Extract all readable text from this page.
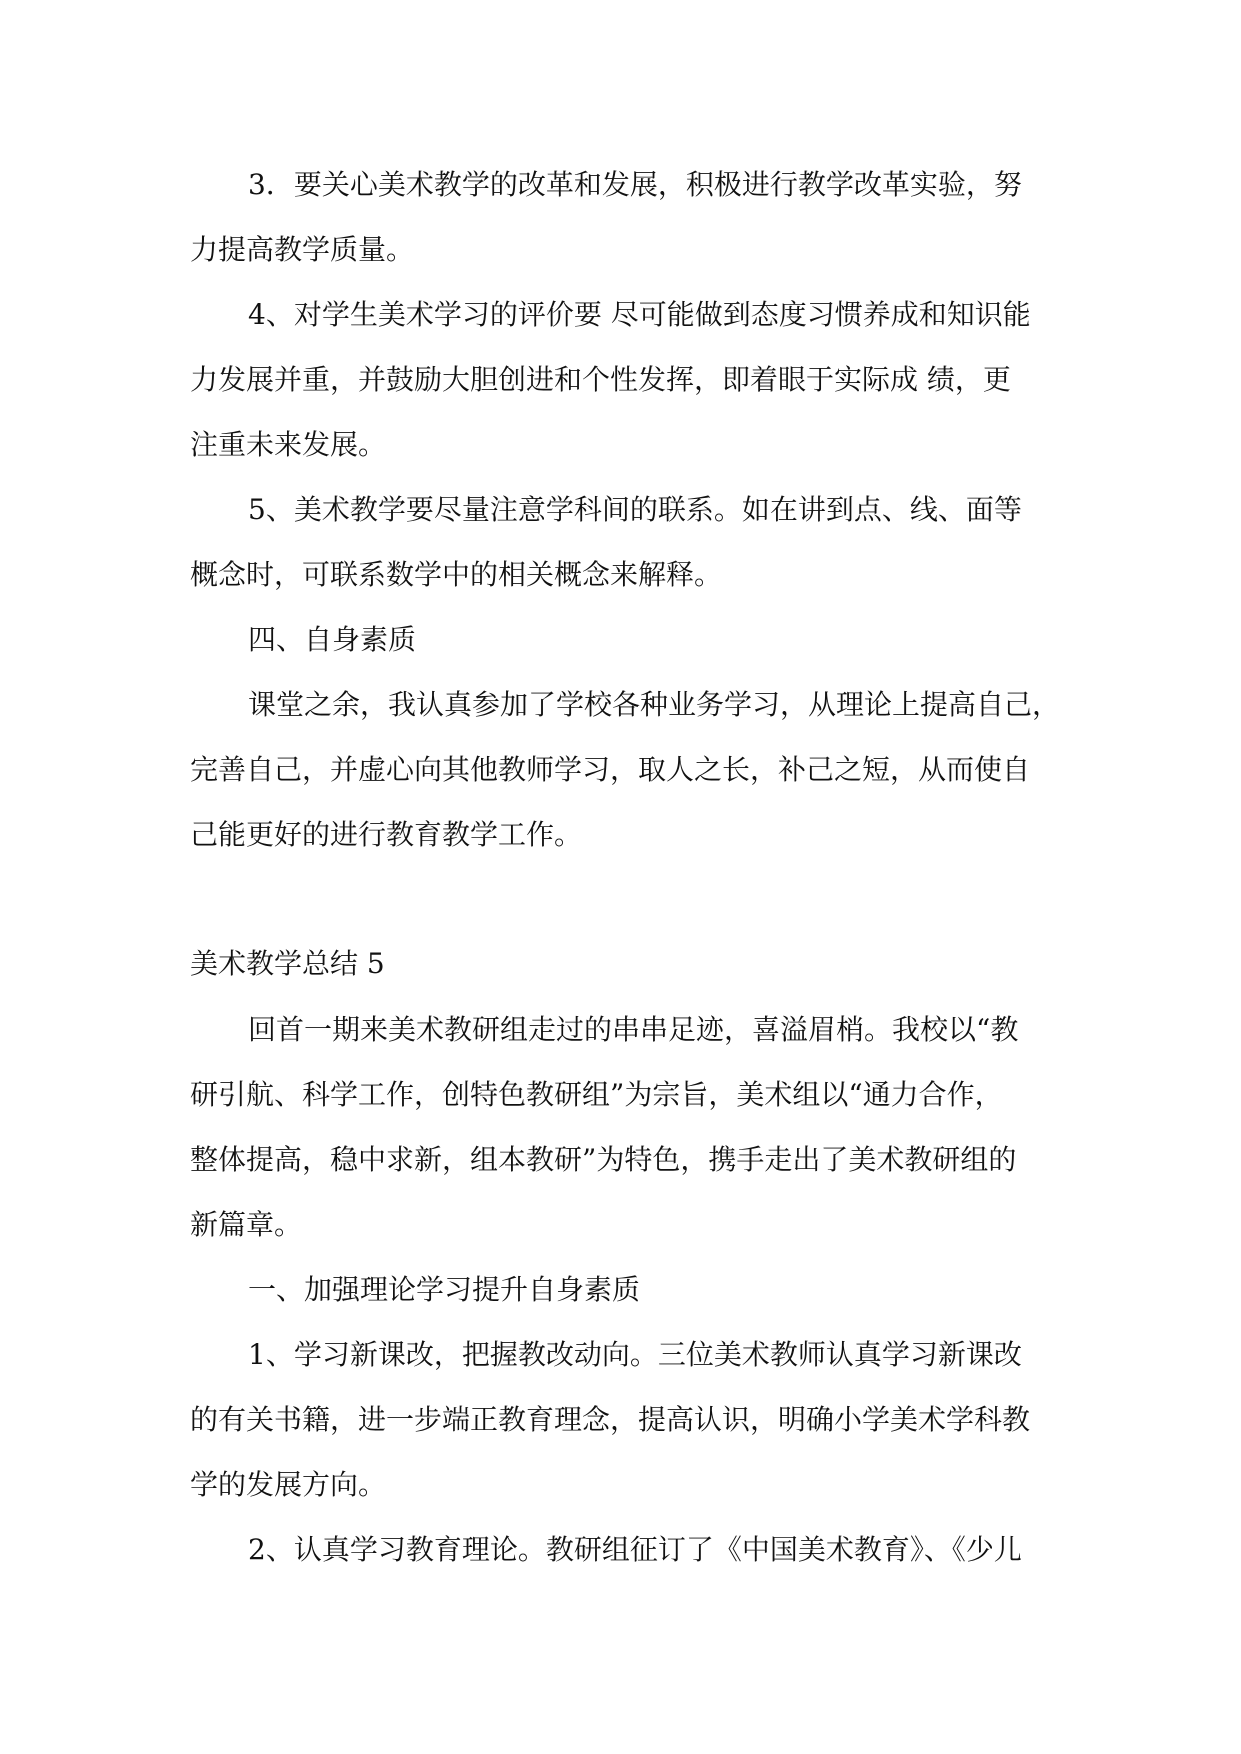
3．要关心美术教学的改革和发展，积极进行教学改革实验，努
力提高教学质量。
4、对学生美术学习的评价要 尽可能做到态度习惯养成和知识能
力发展并重，并鼓励大胆创进和个性发挥，即着眼于实际成 绩，更
注重未来发展。
5、美术教学要尽量注意学科间的联系。如在讲到点、线、面等
概念时，可联系数学中的相关概念来解释。
四、自身素质
课堂之余，我认真参加了学校各种业务学习，从理论上提高自己，
完善自己，并虚心向其他教师学习，取人之长，补己之短，从而使自
己能更好的进行教育教学工作。
美术教学总结 5
回首一期来美术教研组走过的串串足迹，喜溢眉梢。我校以“教
研引航、科学工作，创特色教研组”为宗旨，美术组以“通力合作，
整体提高，稳中求新，组本教研”为特色，携手走出了美术教研组的
新篇章。
一、加强理论学习提升自身素质
1、学习新课改，把握教改动向。三位美术教师认真学习新课改
的有关书籍，进一步端正教育理念，提高认识，明确小学美术学科教
学的发展方向。
2、认真学习教育理论。教研组征订了《中国美术教育》、《少儿
